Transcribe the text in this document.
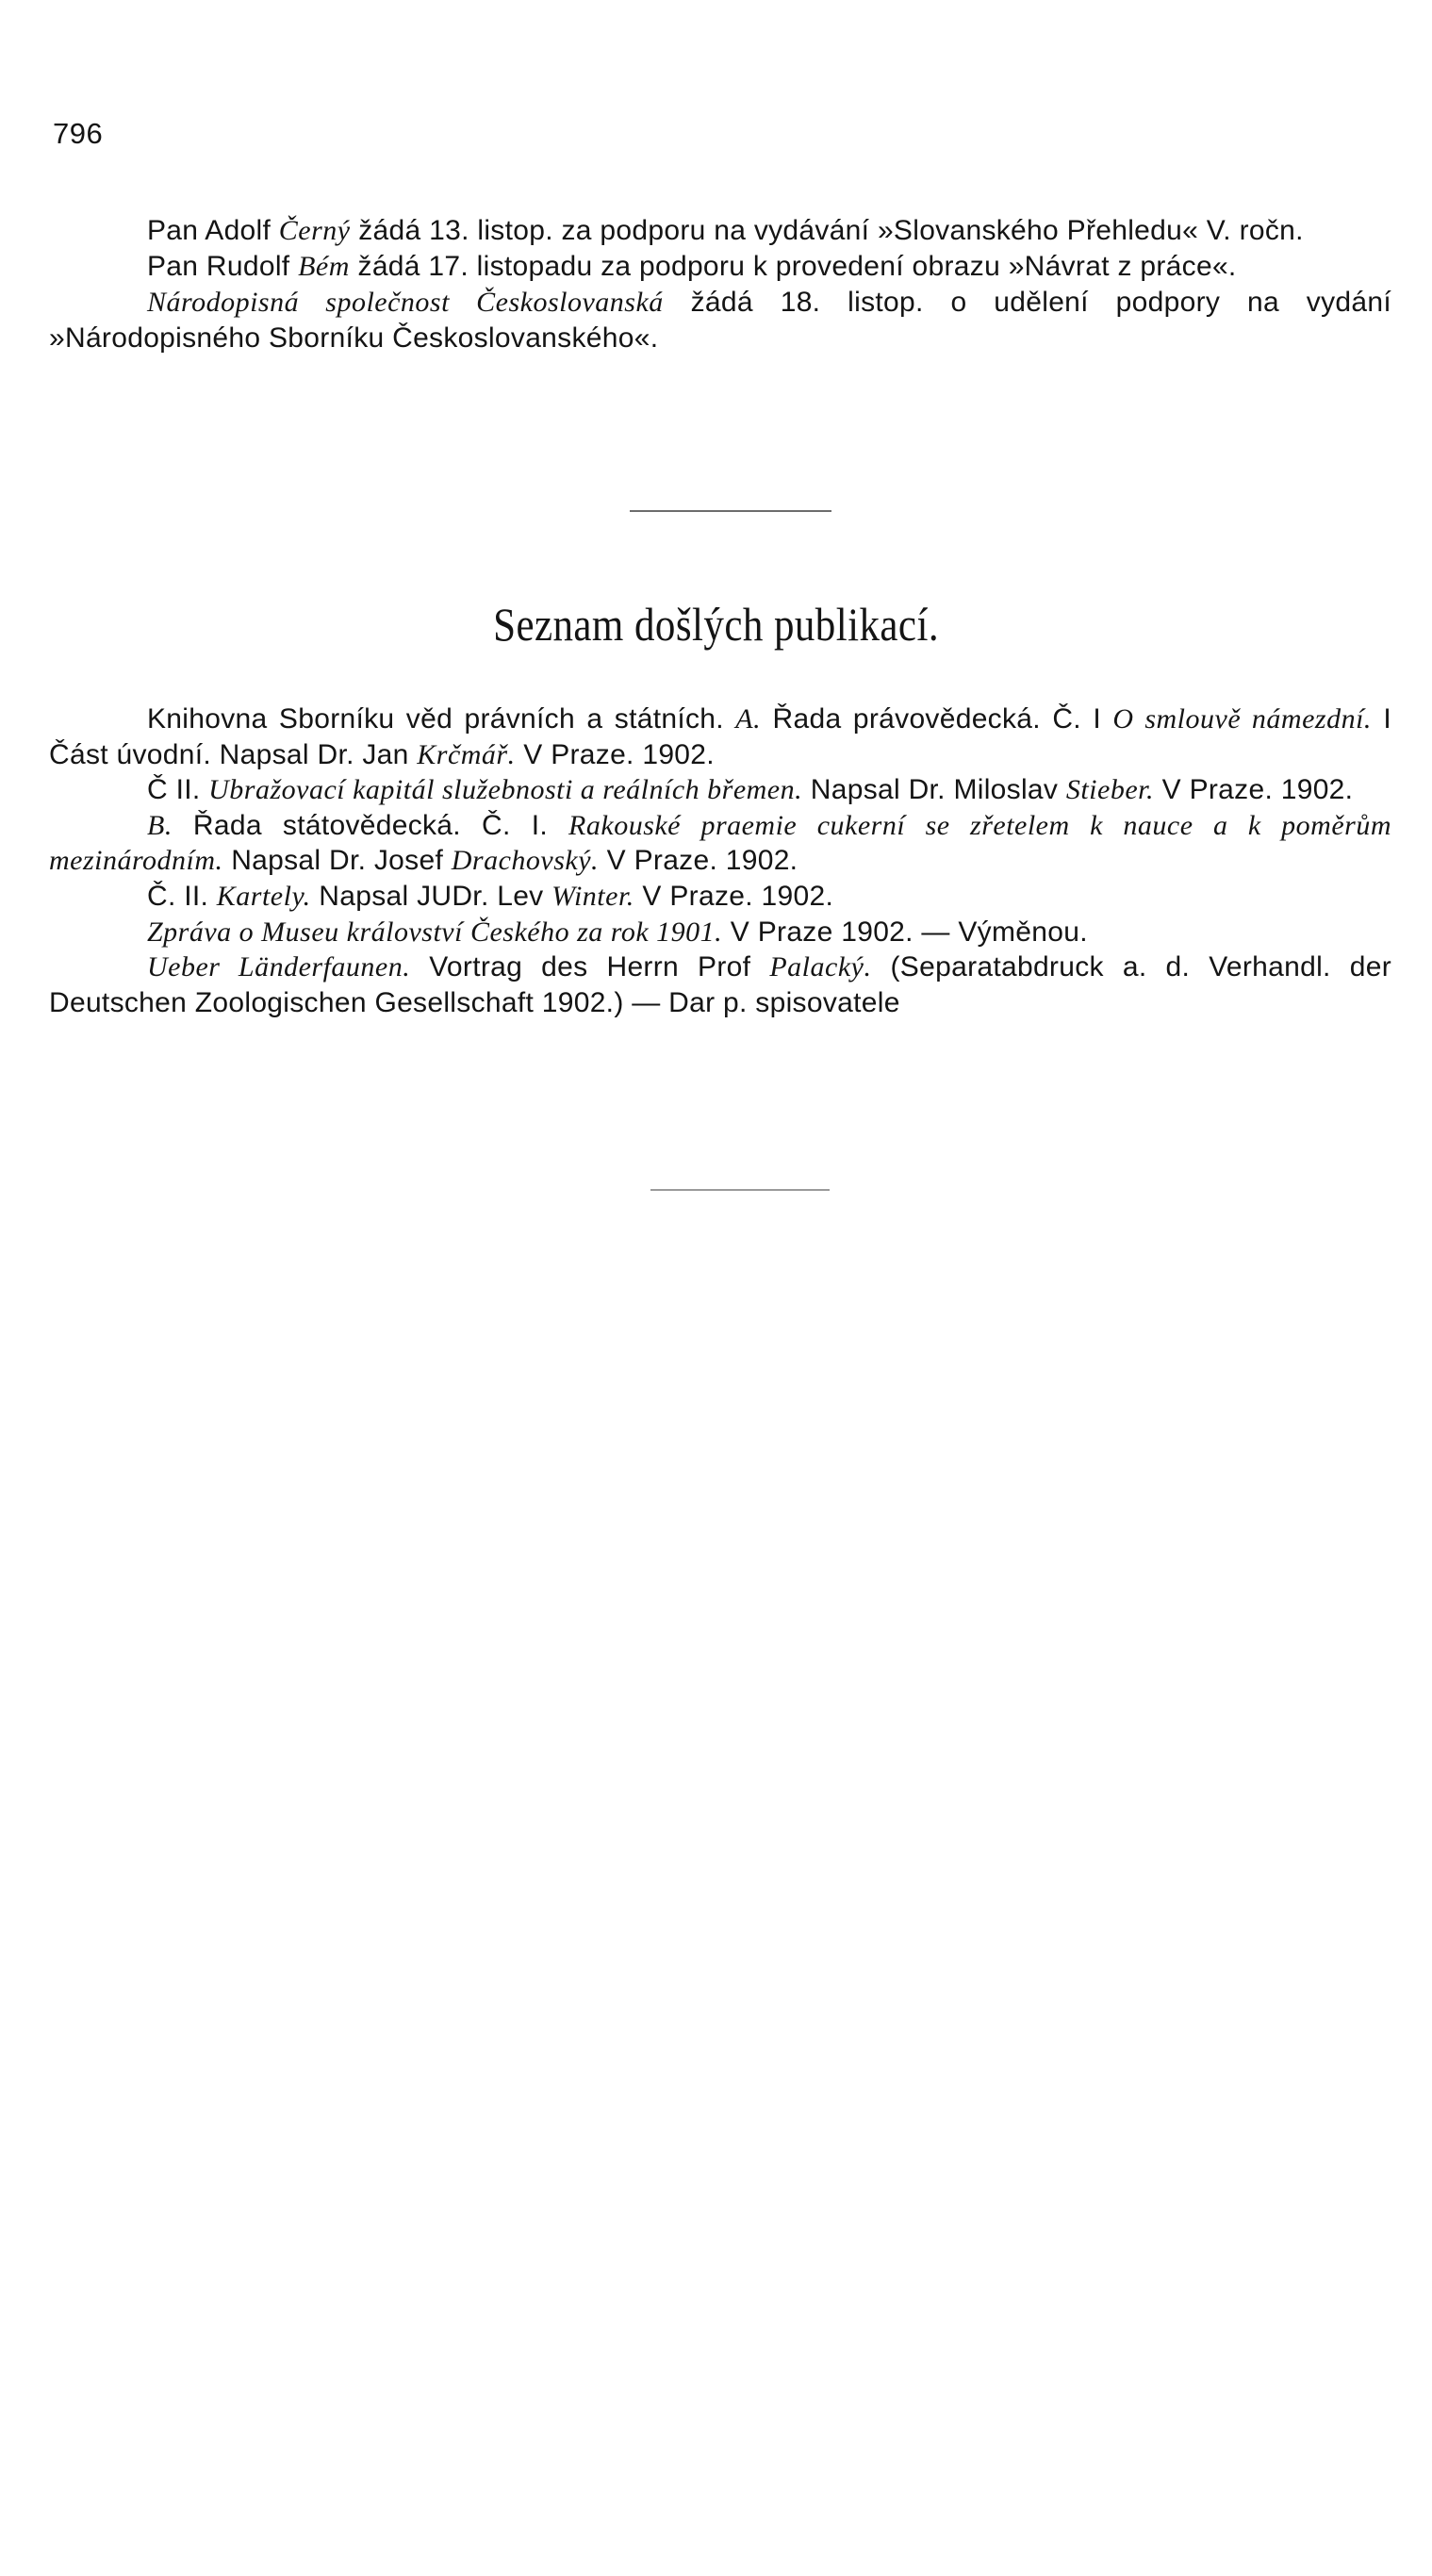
796

Pan Adolf Černý žádá 13. listop. za podporu na vydávání »Slovanského Přehledu« V. ročn.

Pan Rudolf Bém žádá 17. listopadu za podporu k provedení obrazu »Návrat z práce«.

Národopisná společnost Českoslovanská žádá 18. listop. o udělení podpory na vydání »Národopisného Sborníku Českoslovanského«.

Seznam došlých publikací.

Knihovna Sborníku věd právních a státních. A. Řada právovědecká. Č. I O smlouvě námezdní. I Část úvodní. Napsal Dr. Jan Krčmář. V Praze. 1902.

Č II. Ubražovací kapitál služebnosti a reálních břemen. Napsal Dr. Miloslav Stieber. V Praze. 1902.

B. Řada státovědecká. Č. I. Rakouské praemie cukerní se zřetelem k nauce a k poměrům mezinárodním. Napsal Dr. Josef Drachovský. V Praze. 1902.

Č. II. Kartely. Napsal JUDr. Lev Winter. V Praze. 1902.

Zpráva o Museu království Českého za rok 1901. V Praze 1902. — Výměnou.

Ueber Länderfaunen. Vortrag des Herrn Prof Palacký. (Separatabdruck a. d. Verhandl. der Deutschen Zoologischen Gesellschaft 1902.) — Dar p. spisovatele
